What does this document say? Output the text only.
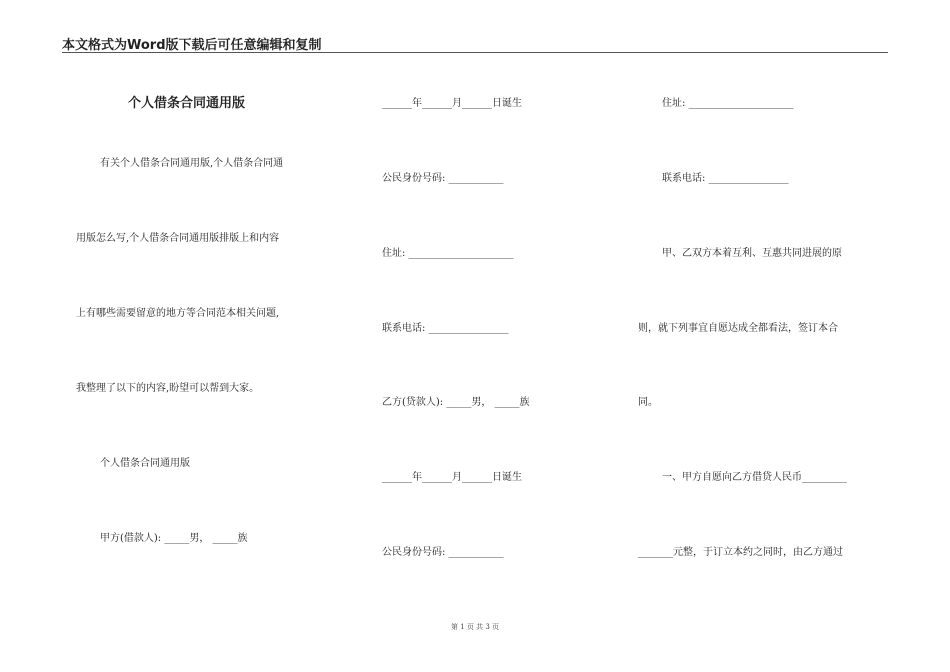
本文格式为Word版下载后可任意编辑和复制
个人借条合同通用版
有关个人借条合同通用版,个人借条合同通
用版怎么写,个人借条合同通用版排版上和内容
上有哪些需要留意的地方等合同范本相关问题,
我整理了以下的内容,盼望可以帮到大家。
个人借条合同通用版
甲方(借款人): _____男， _____族
______年______月______日诞生
公民身份号码: ___________
住址: _____________________
联系电话: ________________
乙方(贷款人): _____男， _____族
______年______月______日诞生
公民身份号码: ___________
住址: _____________________
联系电话: ________________
甲、乙双方本着互利、互惠共同进展的原
则，就下列事宜自愿达成全都看法，签订本合
同。
一、甲方自愿向乙方借贷人民币_________
_______元整，于订立本约之同时，由乙方通过
第 1 页 共 3 页
